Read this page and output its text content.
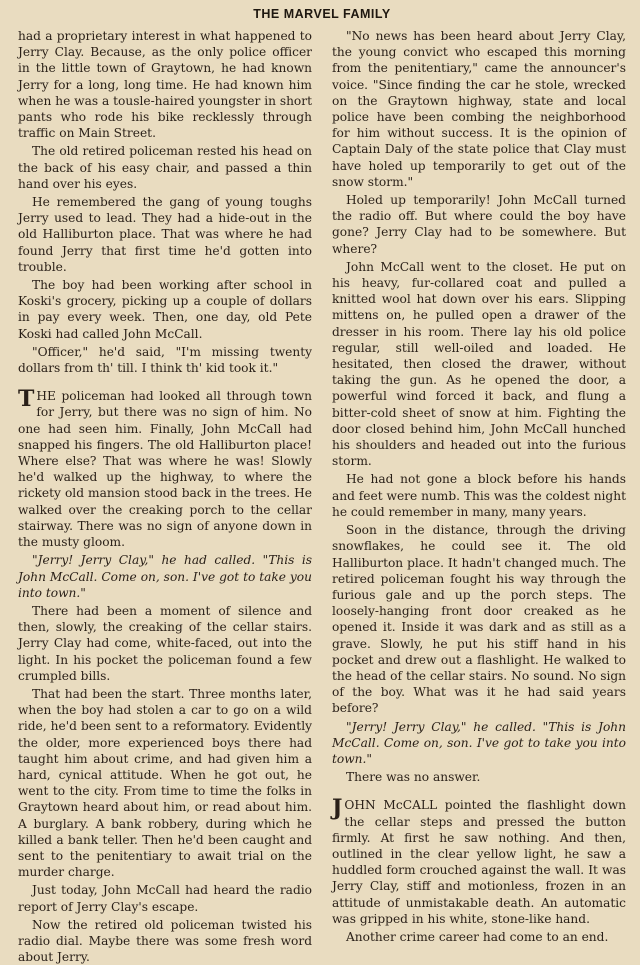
THE MARVEL FAMILY

had a proprietary interest in what happened to Jerry Clay. Because, as the only police officer in the little town of Graytown, he had known Jerry for a long, long time. He had known him when he was a tousle-haired youngster in short pants who rode his bike recklessly through traffic on Main Street.

The old retired policeman rested his head on the back of his easy chair, and passed a thin hand over his eyes.

He remembered the gang of young toughs Jerry used to lead. They had a hide-out in the old Halliburton place. That was where he had found Jerry that first time he'd gotten into trouble.

The boy had been working after school in Koski's grocery, picking up a couple of dollars in pay every week. Then, one day, old Pete Koski had called John McCall.

"Officer," he'd said, "I'm missing twenty dollars from th' till. I think th' kid took it."

THE policeman had looked all through town for Jerry, but there was no sign of him. No one had seen him. Finally, John McCall had snapped his fingers. The old Halliburton place! Where else? That was where he was! Slowly he'd walked up the highway, to where the rickety old mansion stood back in the trees. He walked over the creaking porch to the cellar stairway. There was no sign of anyone down in the musty gloom.

"Jerry! Jerry Clay," he had called. "This is John McCall. Come on, son. I've got to take you into town."

There had been a moment of silence and then, slowly, the creaking of the cellar stairs. Jerry Clay had come, white-faced, out into the light. In his pocket the policeman found a few crumpled bills.

That had been the start. Three months later, when the boy had stolen a car to go on a wild ride, he'd been sent to a reformatory. Evidently the older, more experienced boys there had taught him about crime, and had given him a hard, cynical attitude. When he got out, he went to the city. From time to time the folks in Graytown heard about him, or read about him. A burglary. A bank robbery, during which he killed a bank teller. Then he'd been caught and sent to the penitentiary to await trial on the murder charge.

Just today, John McCall had heard the radio report of Jerry Clay's escape.

Now the retired old policeman twisted his radio dial. Maybe there was some fresh word about Jerry.

"No news has been heard about Jerry Clay, the young convict who escaped this morning from the penitentiary," came the announcer's voice. "Since finding the car he stole, wrecked on the Graytown highway, state and local police have been combing the neighborhood for him without success. It is the opinion of Captain Daly of the state police that Clay must have holed up temporarily to get out of the snow storm."

Holed up temporarily! John McCall turned the radio off. But where could the boy have gone? Jerry Clay had to be somewhere. But where?

John McCall went to the closet. He put on his heavy, fur-collared coat and pulled a knitted wool hat down over his ears. Slipping mittens on, he pulled open a drawer of the dresser in his room. There lay his old police regular, still well-oiled and loaded. He hesitated, then closed the drawer, without taking the gun. As he opened the door, a powerful wind forced it back, and flung a bitter-cold sheet of snow at him. Fighting the door closed behind him, John McCall hunched his shoulders and headed out into the furious storm.

He had not gone a block before his hands and feet were numb. This was the coldest night he could remember in many, many years.

Soon in the distance, through the driving snowflakes, he could see it. The old Halliburton place. It hadn't changed much. The retired policeman fought his way through the furious gale and up the porch steps. The loosely-hanging front door creaked as he opened it. Inside it was dark and as still as a grave. Slowly, he put his stiff hand in his pocket and drew out a flashlight. He walked to the head of the cellar stairs. No sound. No sign of the boy. What was it he had said years before?

"Jerry! Jerry Clay," he called. "This is John McCall. Come on, son. I've got to take you into town."

There was no answer.

JOHN McCALL pointed the flashlight down the cellar steps and pressed the button firmly. At first he saw nothing. And then, outlined in the clear yellow light, he saw a huddled form crouched against the wall. It was Jerry Clay, stiff and motionless, frozen in an attitude of unmistakable death. An automatic was gripped in his white, stone-like hand.

Another crime career had come to an end.
